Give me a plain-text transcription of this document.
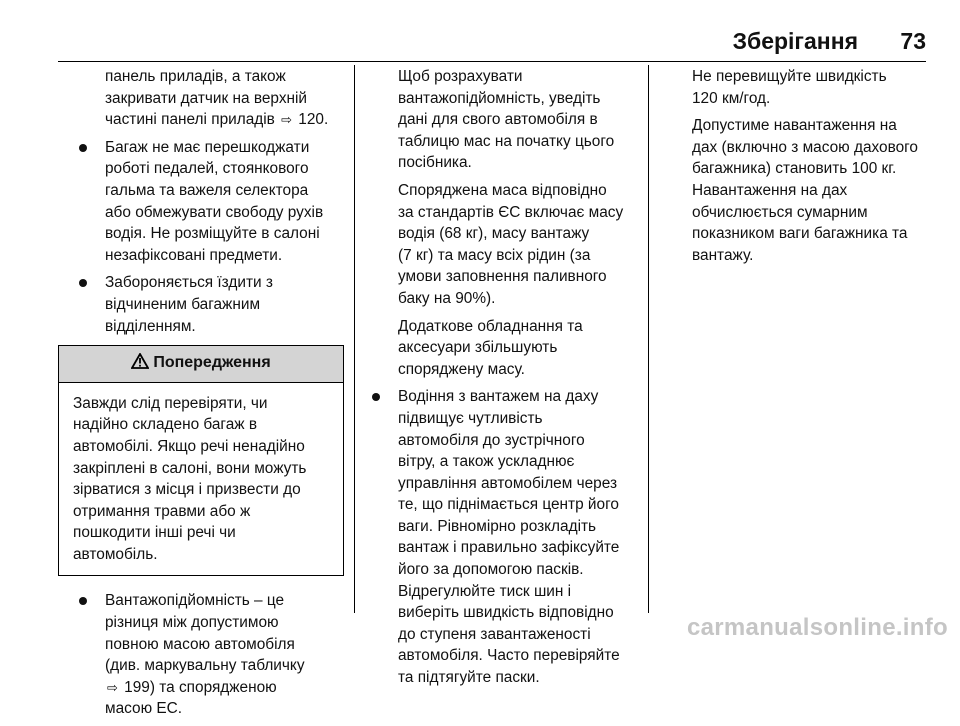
Зберігання 73

панель приладів, а також
закривати датчик на верхній
частині панелі приладів ⇨ 120.

Багаж не має перешкоджати
роботі педалей, стоянкового
гальма та важеля селектора
або обмежувати свободу рухів
водія. Не розміщуйте в салоні
незафіксовані предмети.
Забороняється їздити з
відчиненим багажним
відділенням.
Попередження
Завжди слід перевіряти, чи
надійно складено багаж в
автомобілі. Якщо речі ненадійно
закріплені в салоні, вони можуть
зірватися з місця і призвести до
отримання травми або ж
пошкодити інші речі чи
автомобіль.
Вантажопідйомність – це
різниця між допустимою
повною масою автомобіля
(див. маркувальну табличку
⇨ 199) та спорядженою
масою ЕС.

Щоб розрахувати
вантажопідйомність, уведіть
дані для свого автомобіля в
таблицю мас на початку цього
посібника.

Споряджена маса відповідно
за стандартів ЄС включає масу
водія (68 кг), масу вантажу
(7 кг) та масу всіх рідин (за
умови заповнення паливного
баку на 90%).

Додаткове обладнання та
аксесуари збільшують
споряджену масу.

Водіння з вантажем на даху
підвищує чутливість
автомобіля до зустрічного
вітру, а також ускладнює
управління автомобілем через
те, що піднімається центр його
ваги. Рівномірно розкладіть
вантаж і правильно зафіксуйте
його за допомогою пасків.
Відрегулюйте тиск шин і
виберіть швидкість відповідно
до ступеня завантаженості
автомобіля. Часто перевіряйте
та підтягуйте паски.

Не перевищуйте швидкість
120 км/год.

Допустиме навантаження на
дах (включно з масою дахового
багажника) становить 100 кг.
Навантаження на дах
обчислюється сумарним
показником ваги багажника та
вантажу.

carmanualsonline.info
